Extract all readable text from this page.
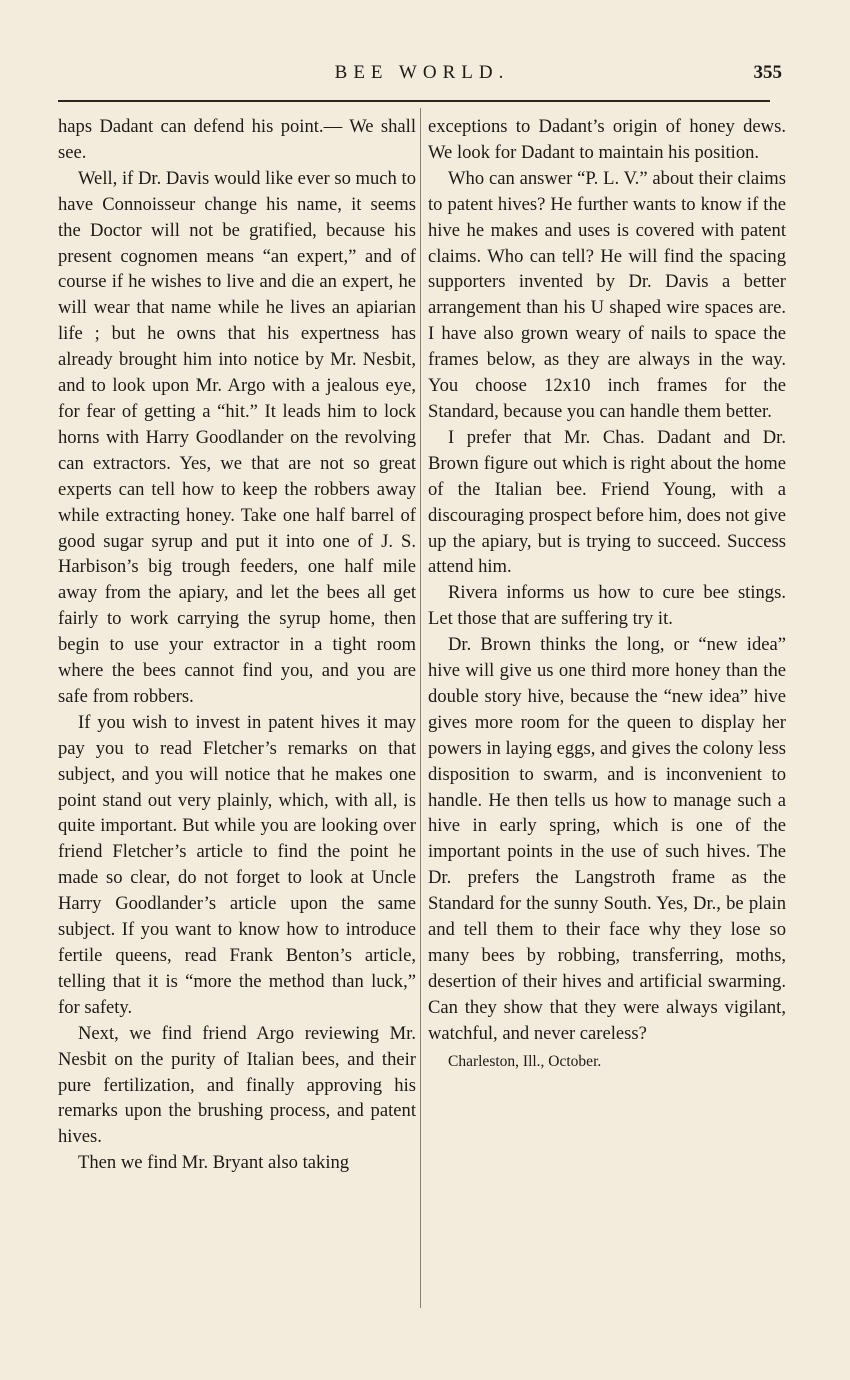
BEE WORLD.	355

haps Dadant can defend his point.— We shall see.

Well, if Dr. Davis would like ever so much to have Connoisseur change his name, it seems the Doctor will not be gratified, because his present cognomen means “an expert,” and of course if he wishes to live and die an expert, he will wear that name while he lives an apiarian life ; but he owns that his expertness has already brought him into notice by Mr. Nesbit, and to look upon Mr. Argo with a jealous eye, for fear of getting a “hit.” It leads him to lock horns with Harry Goodlander on the revolving can extractors. Yes, we that are not so great experts can tell how to keep the robbers away while extracting honey. Take one half barrel of good sugar syrup and put it into one of J. S. Harbison’s big trough feeders, one half mile away from the apiary, and let the bees all get fairly to work carrying the syrup home, then begin to use your extractor in a tight room where the bees cannot find you, and you are safe from robbers.

If you wish to invest in patent hives it may pay you to read Fletcher’s remarks on that subject, and you will notice that he makes one point stand out very plainly, which, with all, is quite important. But while you are looking over friend Fletcher’s article to find the point he made so clear, do not forget to look at Uncle Harry Goodlander’s article upon the same subject. If you want to know how to introduce fertile queens, read Frank Benton’s article, telling that it is “more the method than luck,” for safety.

Next, we find friend Argo reviewing Mr. Nesbit on the purity of Italian bees, and their pure fertilization, and finally approving his remarks upon the brushing process, and patent hives.

Then we find Mr. Bryant also taking

exceptions to Dadant’s origin of honey dews. We look for Dadant to maintain his position.

Who can answer “P. L. V.” about their claims to patent hives? He further wants to know if the hive he makes and uses is covered with patent claims. Who can tell? He will find the spacing supporters invented by Dr. Davis a better arrangement than his U shaped wire spaces are. I have also grown weary of nails to space the frames below, as they are always in the way. You choose 12x10 inch frames for the Standard, because you can handle them better.

I prefer that Mr. Chas. Dadant and Dr. Brown figure out which is right about the home of the Italian bee. Friend Young, with a discouraging prospect before him, does not give up the apiary, but is trying to succeed. Success attend him.

Rivera informs us how to cure bee stings. Let those that are suffering try it.

Dr. Brown thinks the long, or “new idea” hive will give us one third more honey than the double story hive, because the “new idea” hive gives more room for the queen to display her powers in laying eggs, and gives the colony less disposition to swarm, and is inconvenient to handle. He then tells us how to manage such a hive in early spring, which is one of the important points in the use of such hives. The Dr. prefers the Langstroth frame as the Standard for the sunny South. Yes, Dr., be plain and tell them to their face why they lose so many bees by robbing, transferring, moths, desertion of their hives and artificial swarming. Can they show that they were always vigilant, watchful, and never careless?

Charleston, Ill., October.
